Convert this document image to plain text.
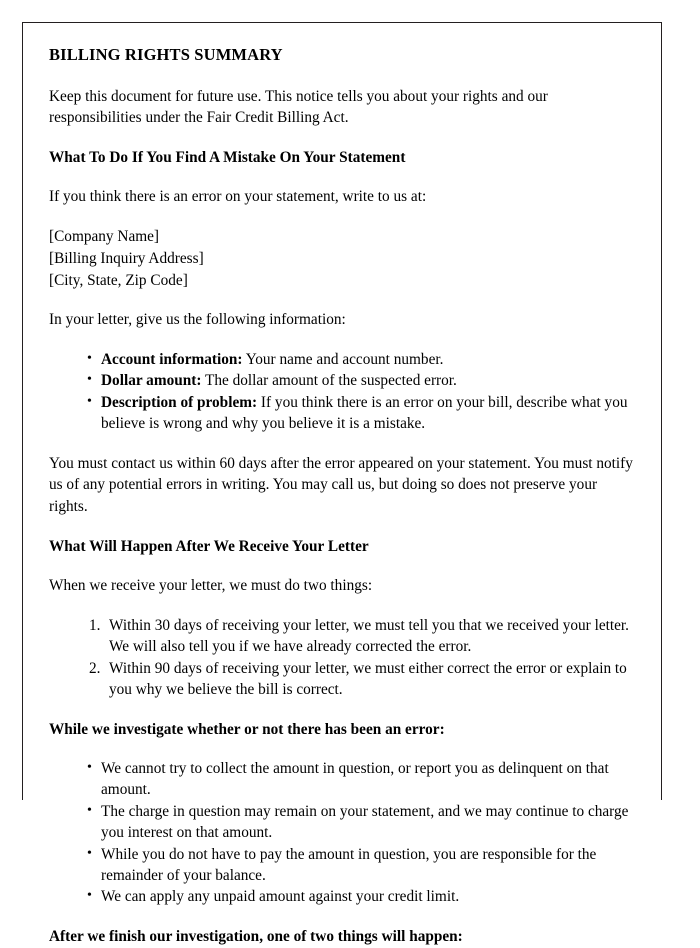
BILLING RIGHTS SUMMARY

Keep this document for future use. This notice tells you about your rights and our responsibilities under the Fair Credit Billing Act.

What To Do If You Find A Mistake On Your Statement

If you think there is an error on your statement, write to us at:

[Company Name]
[Billing Inquiry Address]
[City, State, Zip Code]

In your letter, give us the following information:

• Account information: Your name and account number.
• Dollar amount: The dollar amount of the suspected error.
• Description of problem: If you think there is an error on your bill, describe what you believe is wrong and why you believe it is a mistake.

You must contact us within 60 days after the error appeared on your statement. You must notify us of any potential errors in writing. You may call us, but doing so does not preserve your rights.

What Will Happen After We Receive Your Letter

When we receive your letter, we must do two things:

Within 30 days of receiving your letter, we must tell you that we received your letter. We will also tell you if we have already corrected the error.
Within 90 days of receiving your letter, we must either correct the error or explain to you why we believe the bill is correct.
While we investigate whether or not there has been an error:
• We cannot try to collect the amount in question, or report you as delinquent on that amount.
• The charge in question may remain on your statement, and we may continue to charge you interest on that amount.
• While you do not have to pay the amount in question, you are responsible for the remainder of your balance.
• We can apply any unpaid amount against your credit limit.

After we finish our investigation, one of two things will happen:
